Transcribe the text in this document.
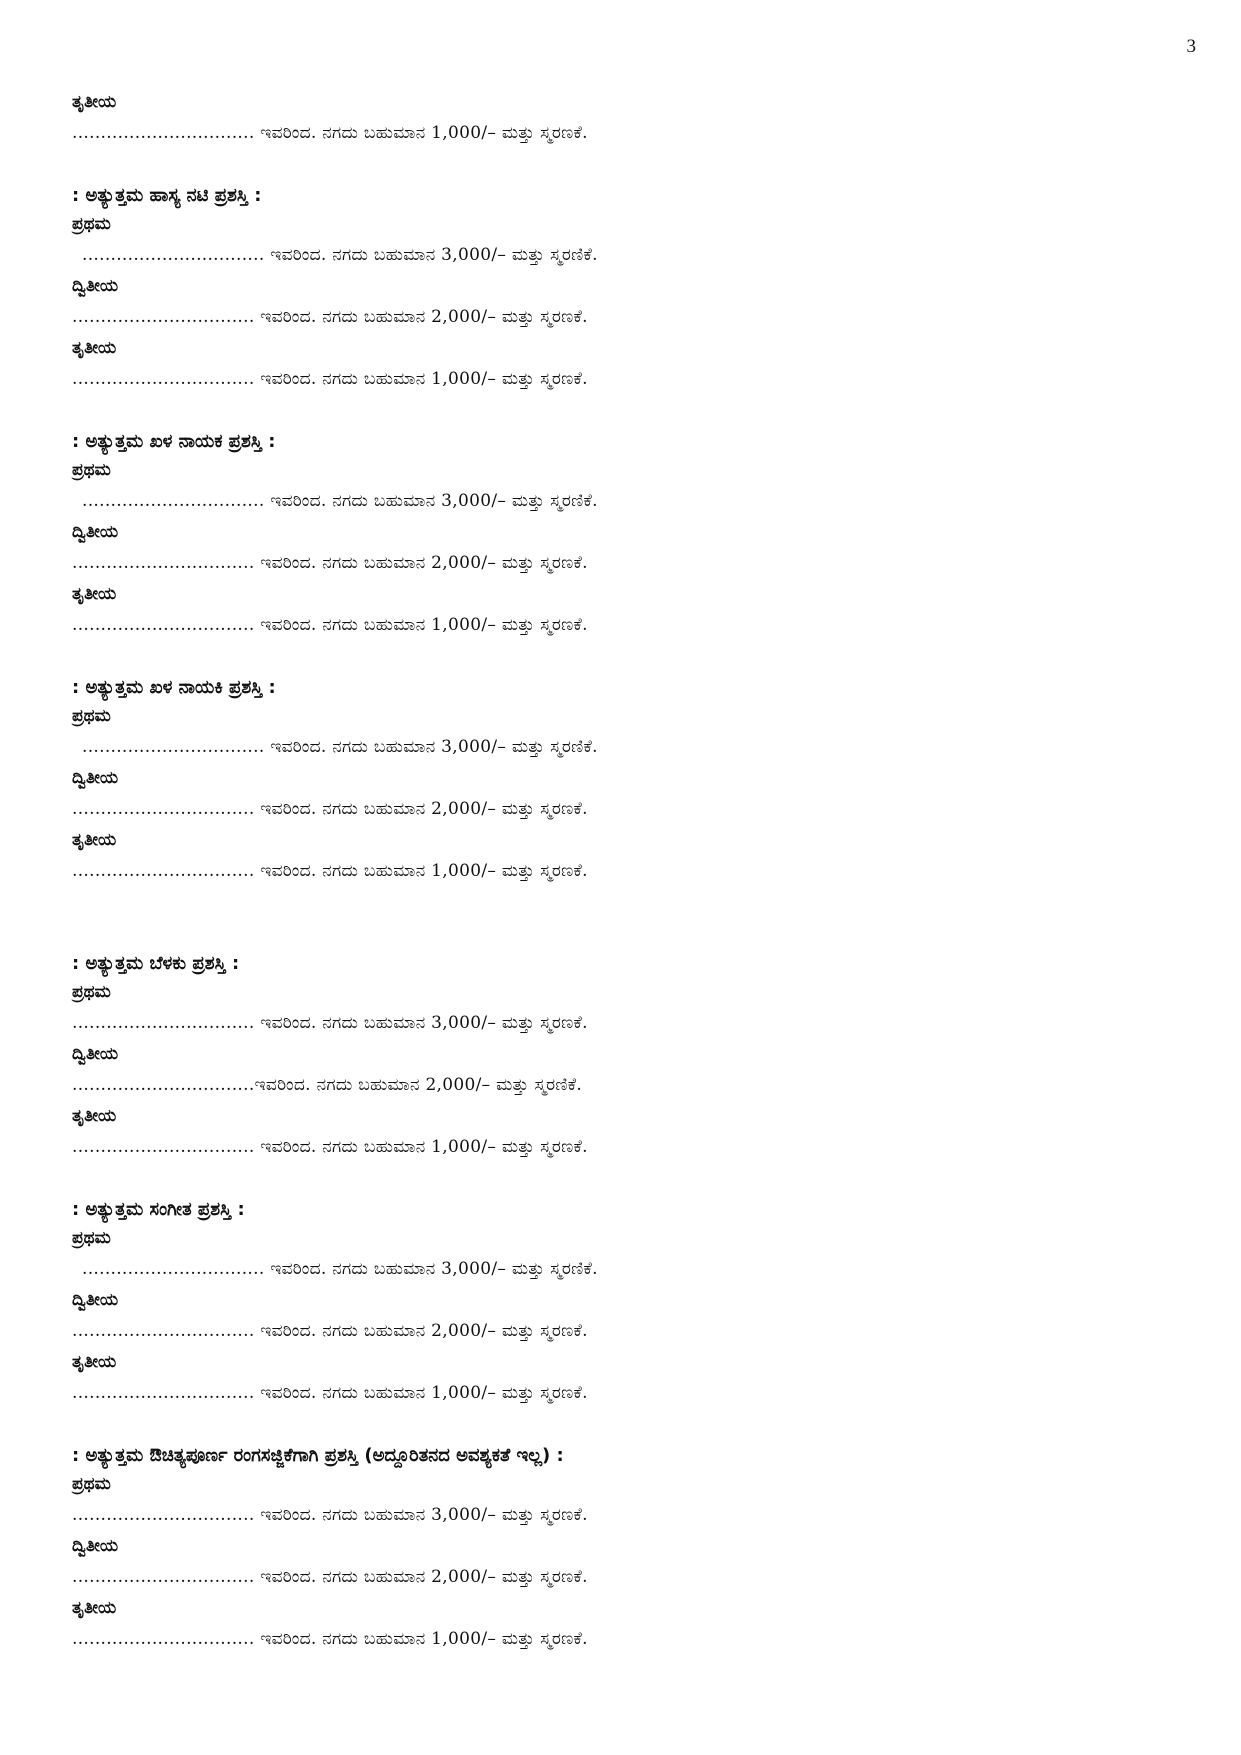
3
ತೃತೀಯ
................................ ಇವರಿಂದ. ನಗದು ಬಹುಮಾನ 1,000/– ಮತ್ತು ಸ್ಮರಣಕೆ.
: ಅತ್ಯುತ್ತಮ ಹಾಸ್ಯ ನಟಿ ಪ್ರಶಸ್ತಿ :
ಪ್ರಥಮ
................................ ಇವರಿಂದ. ನಗದು ಬಹುಮಾನ 3,000/– ಮತ್ತು ಸ್ಮರಣಿಕೆ.
ದ್ವಿತೀಯ
................................ ಇವರಿಂದ. ನಗದು ಬಹುಮಾನ 2,000/– ಮತ್ತು ಸ್ಮರಣಕೆ.
ತೃತೀಯ
................................ ಇವರಿಂದ. ನಗದು ಬಹುಮಾನ 1,000/– ಮತ್ತು ಸ್ಮರಣಕೆ.
: ಅತ್ಯುತ್ತಮ ಖಳ ನಾಯಕ ಪ್ರಶಸ್ತಿ :
ಪ್ರಥಮ
................................ ಇವರಿಂದ. ನಗದು ಬಹುಮಾನ 3,000/– ಮತ್ತು ಸ್ಮರಣಿಕೆ.
ದ್ವಿತೀಯ
................................ ಇವರಿಂದ. ನಗದು ಬಹುಮಾನ 2,000/– ಮತ್ತು ಸ್ಮರಣಕೆ.
ತೃತೀಯ
................................ ಇವರಿಂದ. ನಗದು ಬಹುಮಾನ 1,000/– ಮತ್ತು ಸ್ಮರಣಕೆ.
: ಅತ್ಯುತ್ತಮ ಖಳ ನಾಯಕಿ ಪ್ರಶಸ್ತಿ :
ಪ್ರಥಮ
................................ ಇವರಿಂದ. ನಗದು ಬಹುಮಾನ 3,000/– ಮತ್ತು ಸ್ಮರಣಿಕೆ.
ದ್ವಿತೀಯ
................................ ಇವರಿಂದ. ನಗದು ಬಹುಮಾನ 2,000/– ಮತ್ತು ಸ್ಮರಣಕೆ.
ತೃತೀಯ
................................ ಇವರಿಂದ. ನಗದು ಬಹುಮಾನ 1,000/– ಮತ್ತು ಸ್ಮರಣಕೆ.
: ಅತ್ಯುತ್ತಮ ಬೆಳಕು ಪ್ರಶಸ್ತಿ :
ಪ್ರಥಮ
................................ ಇವರಿಂದ. ನಗದು ಬಹುಮಾನ 3,000/– ಮತ್ತು ಸ್ಮರಣಕೆ.
ದ್ವಿತೀಯ
................................ಇವರಿಂದ. ನಗದು ಬಹುಮಾನ 2,000/– ಮತ್ತು ಸ್ಮರಣಿಕೆ.
ತೃತೀಯ
................................ ಇವರಿಂದ. ನಗದು ಬಹುಮಾನ 1,000/– ಮತ್ತು ಸ್ಮರಣಕೆ.
: ಅತ್ಯುತ್ತಮ ಸಂಗೀತ ಪ್ರಶಸ್ತಿ :
ಪ್ರಥಮ
................................ ಇವರಿಂದ. ನಗದು ಬಹುಮಾನ 3,000/– ಮತ್ತು ಸ್ಮರಣಿಕೆ.
ದ್ವಿತೀಯ
................................ ಇವರಿಂದ. ನಗದು ಬಹುಮಾನ 2,000/– ಮತ್ತು ಸ್ಮರಣಕೆ.
ತೃತೀಯ
................................ ಇವರಿಂದ. ನಗದು ಬಹುಮಾನ 1,000/– ಮತ್ತು ಸ್ಮರಣಕೆ.
: ಅತ್ಯುತ್ತಮ ಔಚಿತ್ಯಪೂರ್ಣ ರಂಗಸಜ್ಜಿಕೆಗಾಗಿ ಪ್ರಶಸ್ತಿ (ಅದ್ದೂರಿತನದ ಅವಶ್ಯಕತೆ ಇಲ್ಲ) :
ಪ್ರಥಮ
................................ ಇವರಿಂದ. ನಗದು ಬಹುಮಾನ 3,000/– ಮತ್ತು ಸ್ಮರಣಕೆ.
ದ್ವಿತೀಯ
................................ ಇವರಿಂದ. ನಗದು ಬಹುಮಾನ 2,000/– ಮತ್ತು ಸ್ಮರಣಕೆ.
ತೃತೀಯ
................................ ಇವರಿಂದ. ನಗದು ಬಹುಮಾನ 1,000/– ಮತ್ತು ಸ್ಮರಣಕೆ.
